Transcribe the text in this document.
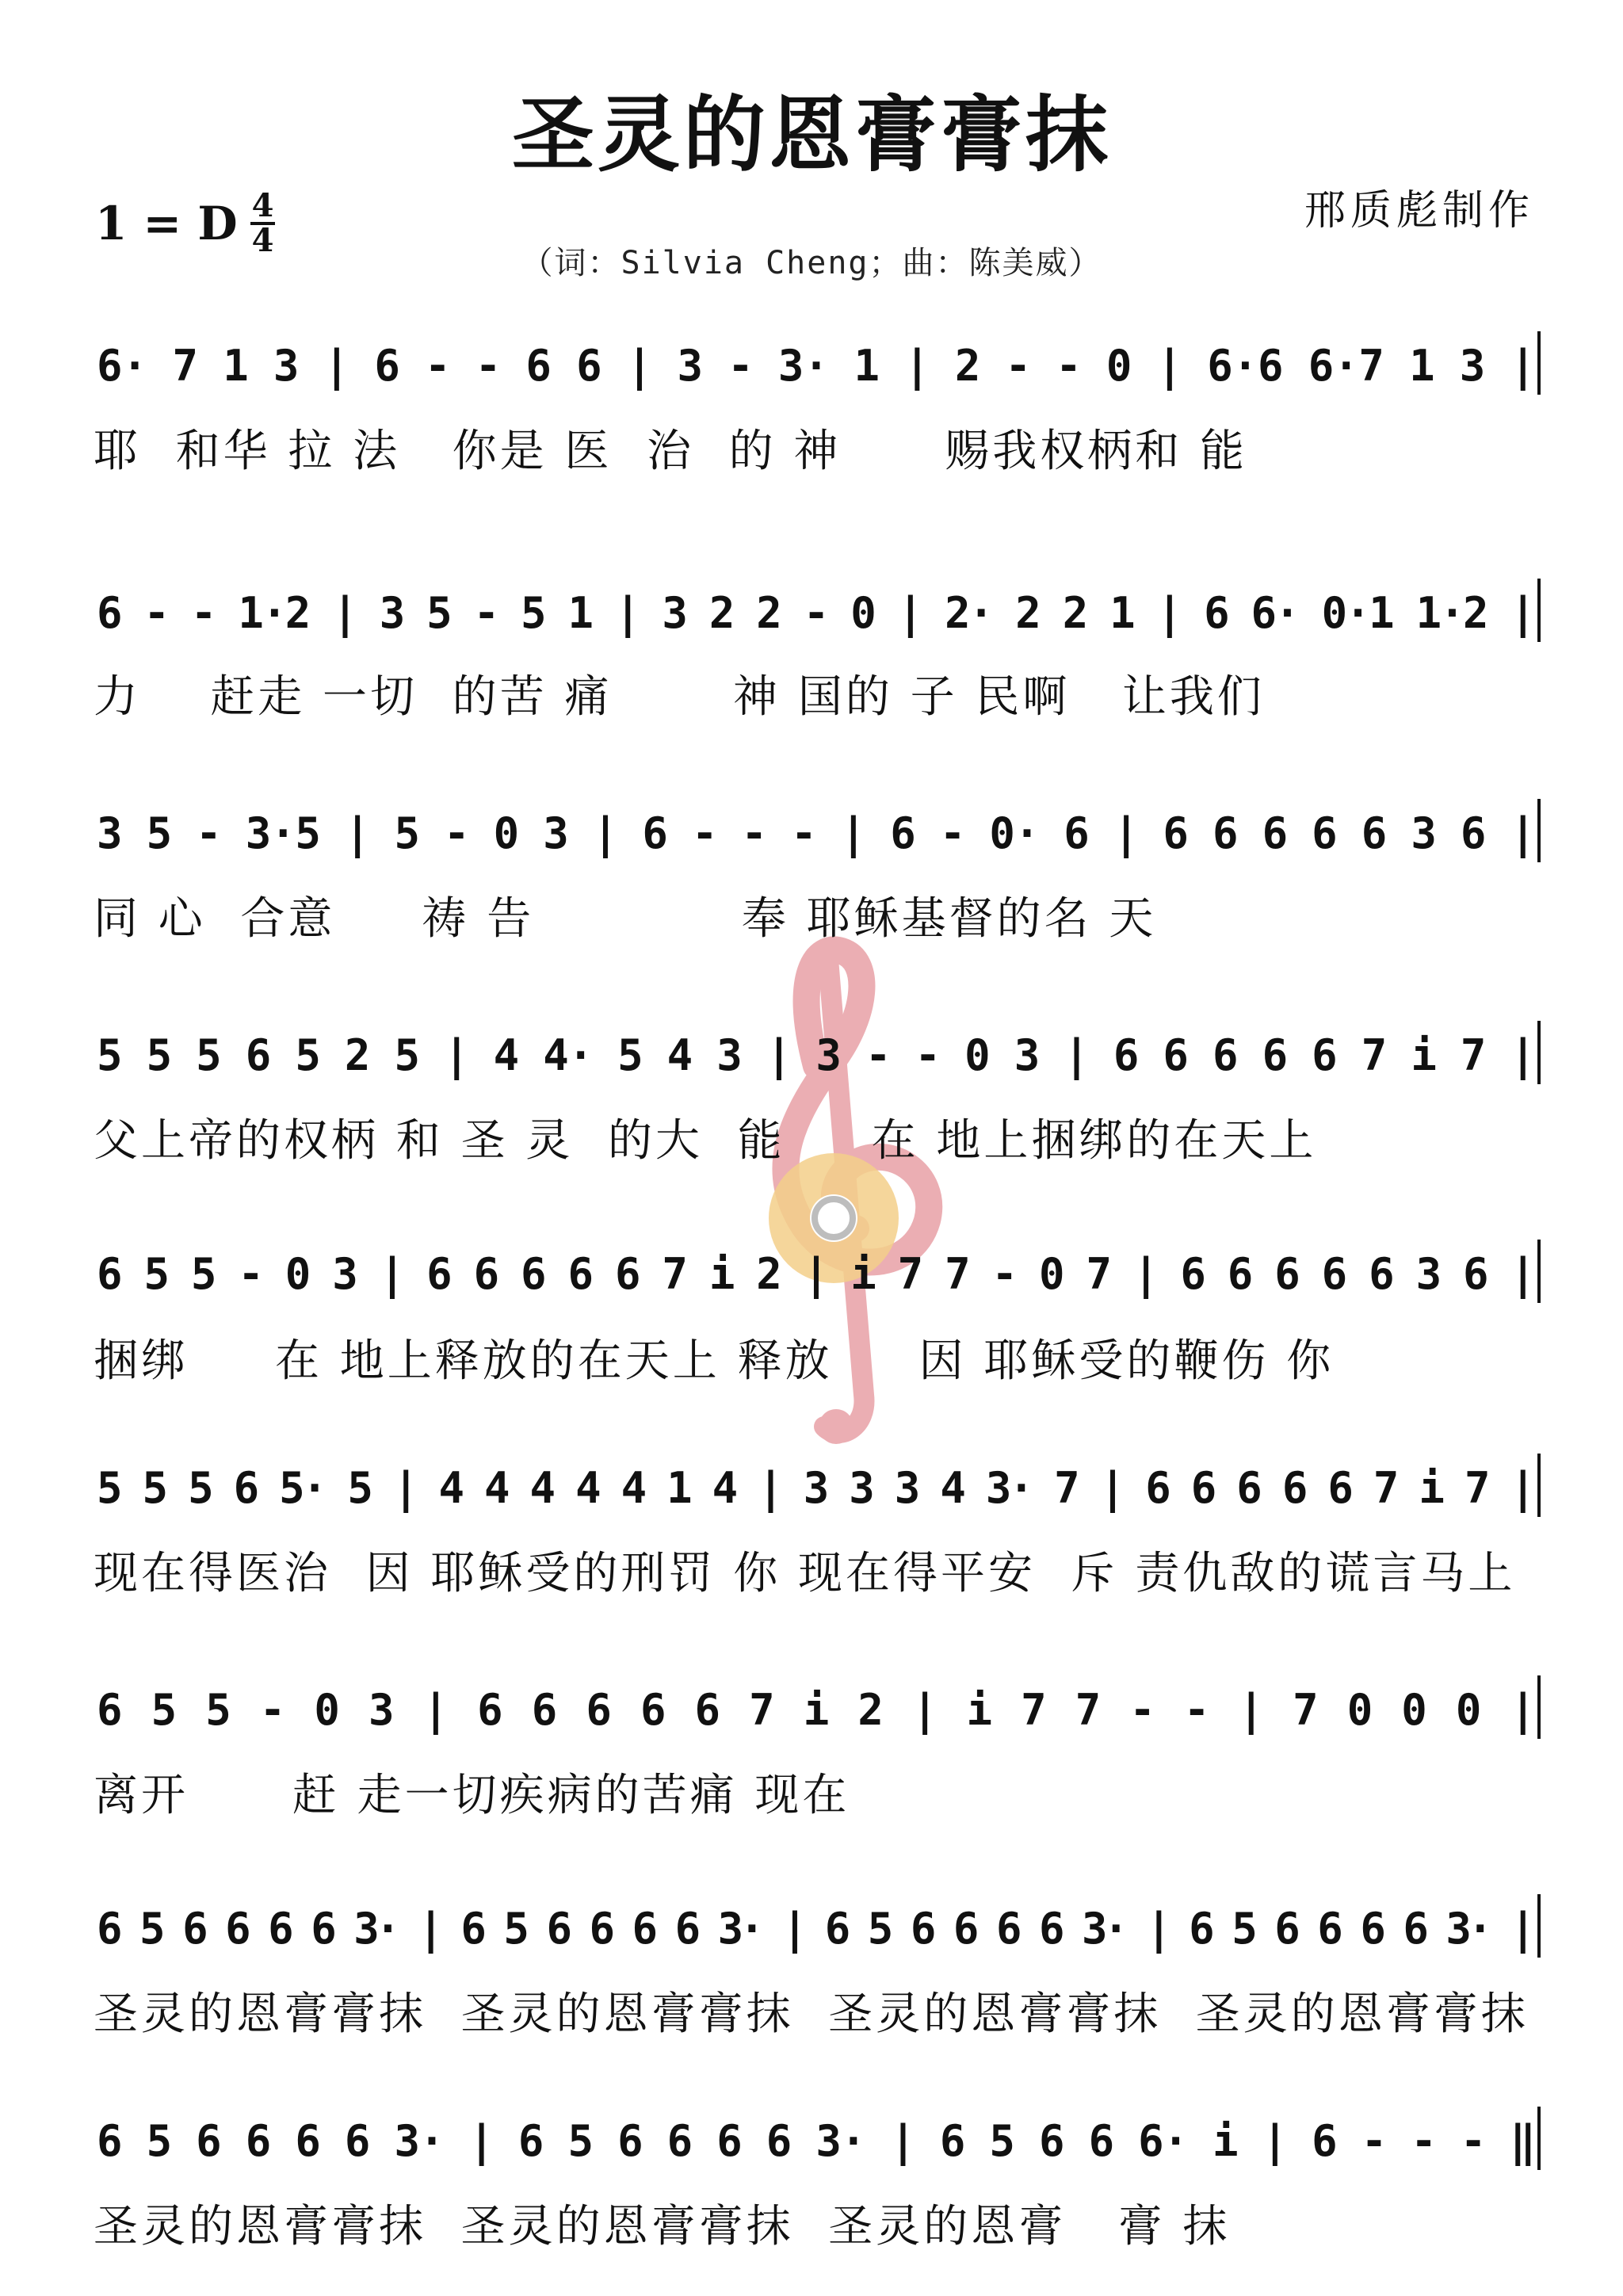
圣灵的恩膏膏抹
1 = D $\frac{4}{4}$	邢质彪制作
（词：Silvia Cheng；曲：陈美威）
6· 7 1 3 | 6 - - 6 6 | 3 - 3· 1 | 2 - - 0 | 6·6 6·7 1 3 |
6 - - 1·2 | 3 5 - 5 1 | 3 2 2 - 0 | 2· 2 2 1 | 6 6· 0·1 1·2 |
3 5 - 3·5 | 5 - 0 3 | 6 - - - | 6 - 0· 6 | 6 6 6 6 6 3 6 |
5 5 5 6 5 2 5 | 4 4· 5 4 3 | 3 - - 0 3 | 6 6 6 6 6 7 i 7 |
6 5 5 - 0 3 | 6 6 6 6 6 7 i 2 | i 7 7 - 0 7 | 6 6 6 6 6 3 6 |
5 5 5 6 5· 5 | 4 4 4 4 4 1 4 | 3 3 3 4 3· 7 | 6 6 6 6 6 7 i 7 |
6 5 5 - 0 3 | 6 6 6 6 6 7 i 2 | i 7 7 - - | 7 0 0 0 |
6 5 6 6 6 6 3· | 6 5 6 6 6 6 3· | 6 5 6 6 6 6 3· | 6 5 6 6 6 6 3· |
6 5 6 6 6 6 3· | 6 5 6 6 6 6 3· | 6 5 6 6 6· i | 6 - - - ‖
耶  和华 拉 法   你是 医  治  的 神      赐我权柄和 能
力    赶走 一切  的苦 痛       神 国的 子 民啊   让我们
同 心  合意     祷 告            奉 耶稣基督的名 天
父上帝的权柄 和 圣 灵  的大  能     在 地上捆绑的在天上
捆绑     在 地上释放的在天上 释放     因 耶稣受的鞭伤 你
现在得医治  因 耶稣受的刑罚 你 现在得平安  斥 责仇敌的谎言马上
离开      赶 走一切疾病的苦痛 现在
圣灵的恩膏膏抹  圣灵的恩膏膏抹  圣灵的恩膏膏抹  圣灵的恩膏膏抹
圣灵的恩膏膏抹  圣灵的恩膏膏抹  圣灵的恩膏   膏 抹
